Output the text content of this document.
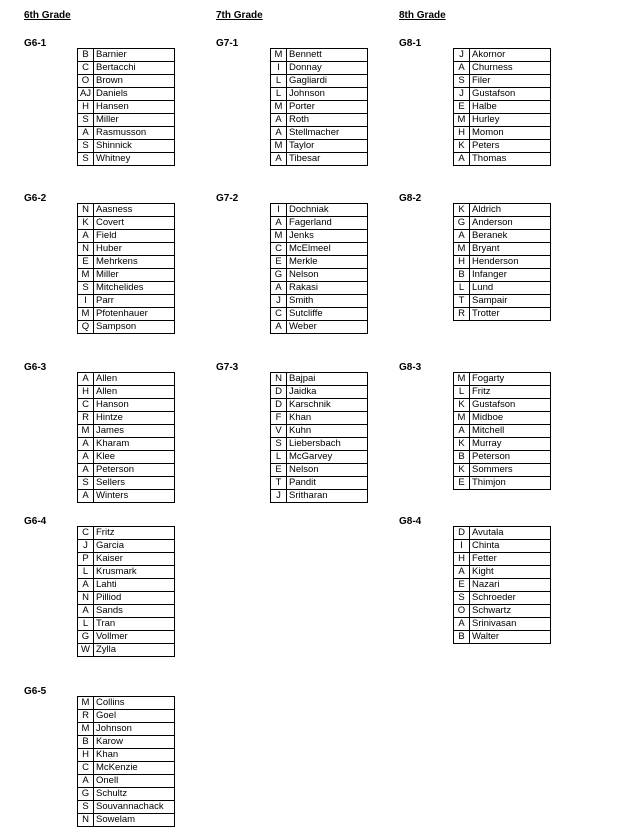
6th Grade
G6-1
B	Barnier
C	Bertacchi
O	Brown
AJ	Daniels
H	Hansen
S	Miller
A	Rasmusson
S	Shinnick
S	Whitney
G6-2
N	Aasness
K	Covert
A	Field
N	Huber
E	Mehrkens
M	Miller
S	Mitchelides
I	Parr
M	Pfotenhauer
Q	Sampson
G6-3
A	Allen
H	Allen
C	Hanson
R	Hintze
M	James
A	Kharam
A	Klee
A	Peterson
S	Sellers
A	Winters
G6-4
C	Fritz
J	Garcia
P	Kaiser
L	Krusmark
A	Lahti
N	Pilliod
A	Sands
L	Tran
G	Vollmer
W	Zylla
G6-5
M	Collins
R	Goel
M	Johnson
B	Karow
H	Khan
C	McKenzie
A	Onell
G	Schultz
S	Souvannachack
N	Sowelam
7th Grade
G7-1
M	Bennett
I	Donnay
L	Gagliardi
L	Johnson
M	Porter
A	Roth
A	Stellmacher
M	Taylor
A	Tibesar
G7-2
I	Dochniak
A	Fagerland
M	Jenks
C	McElmeel
E	Merkle
G	Nelson
A	Rakasi
J	Smith
C	Sutcliffe
A	Weber
G7-3
N	Bajpai
D	Jaidka
D	Karschnik
F	Khan
V	Kuhn
S	Liebersbach
L	McGarvey
E	Nelson
T	Pandit
J	Sritharan
8th Grade
G8-1
J	Akornor
A	Churness
S	Filer
J	Gustafson
E	Halbe
M	Hurley
H	Momon
K	Peters
A	Thomas
G8-2
K	Aldrich
G	Anderson
A	Beranek
M	Bryant
H	Henderson
B	Infanger
L	Lund
T	Sampair
R	Trotter
G8-3
M	Fogarty
L	Fritz
K	Gustafson
M	Midboe
A	Mitchell
K	Murray
B	Peterson
K	Sommers
E	Thimjon
G8-4
D	Avutala
I	Chinta
H	Fetter
A	Kight
E	Nazari
S	Schroeder
O	Schwartz
A	Srinivasan
B	Walter
